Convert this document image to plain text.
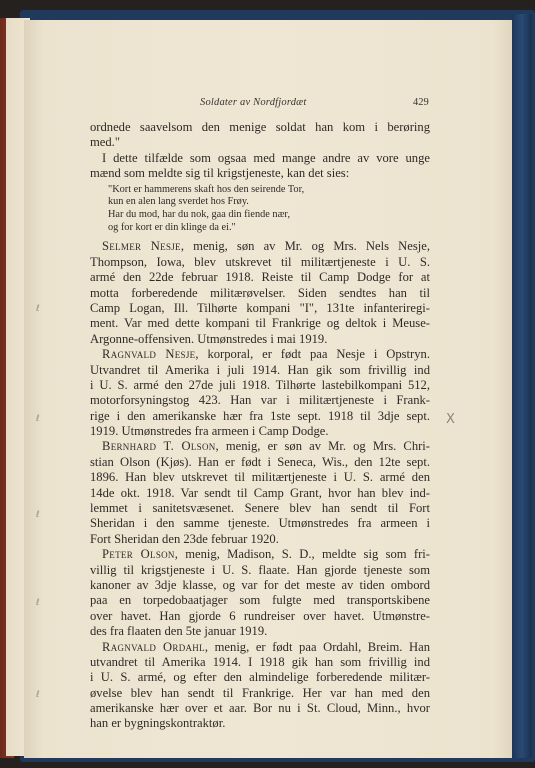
ℓ
ℓ
ℓ
ℓ
ℓ
Soldater av Nordfjordæt	429

ordnede saavelsom den menige soldat han kom i berøring
med."
I dette tilfælde som ogsaa med mange andre av vore unge
mænd som meldte sig til krigstjeneste, kan det sies:

"Kort er hammerens skaft hos den seirende Tor,
kun en alen lang sverdet hos Frøy.
Har du mod, har du nok, gaa din fiende nær,
og for kort er din klinge da ei."

Selmer Nesje, menig, søn av Mr. og Mrs. Nels Nesje,
Thompson, Iowa, blev utskrevet til militærtjeneste i U. S.
armé den 22de februar 1918. Reiste til Camp Dodge for at
motta forberedende militærøvelser. Siden sendtes han til
Camp Logan, Ill. Tilhørte kompani "I", 131te infanteriregi-
ment. Var med dette kompani til Frankrige og deltok i Meuse-
Argonne-offensiven. Utmønstredes i mai 1919.

Ragnvald Nesje, korporal, er født paa Nesje i Opstryn.
Utvandret til Amerika i juli 1914. Han gik som frivillig ind
i U. S. armé den 27de juli 1918. Tilhørte lastebilkompani 512,
motorforsyningstog 423. Han var i militærtjeneste i Frank-
rige i den amerikanske hær fra 1ste sept. 1918 til 3dje sept.
1919. Utmønstredes fra armeen i Camp Dodge.

Bernhard T. Olson, menig, er søn av Mr. og Mrs. Chri-
stian Olson (Kjøs). Han er født i Seneca, Wis., den 12te sept.
1896. Han blev utskrevet til militærtjeneste i U. S. armé den
14de okt. 1918. Var sendt til Camp Grant, hvor han blev ind-
lemmet i sanitetsvæsenet. Senere blev han sendt til Fort
Sheridan i den samme tjeneste. Utmønstredes fra armeen i
Fort Sheridan den 23de februar 1920.

Peter Olson, menig, Madison, S. D., meldte sig som fri-
villig til krigstjeneste i U. S. flaate. Han gjorde tjeneste som
kanoner av 3dje klasse, og var for det meste av tiden ombord
paa en torpedobaatjager som fulgte med transportskibene
over havet. Han gjorde 6 rundreiser over havet. Utmønstre-
des fra flaaten den 5te januar 1919.

Ragnvald Ordahl, menig, er født paa Ordahl, Breim. Han
utvandret til Amerika 1914. I 1918 gik han som frivillig ind
i U. S. armé, og efter den almindelige forberedende militær-
øvelse blev han sendt til Frankrige. Her var han med den
amerikanske hær over et aar. Bor nu i St. Cloud, Minn., hvor
han er bygningskontraktør.

X
